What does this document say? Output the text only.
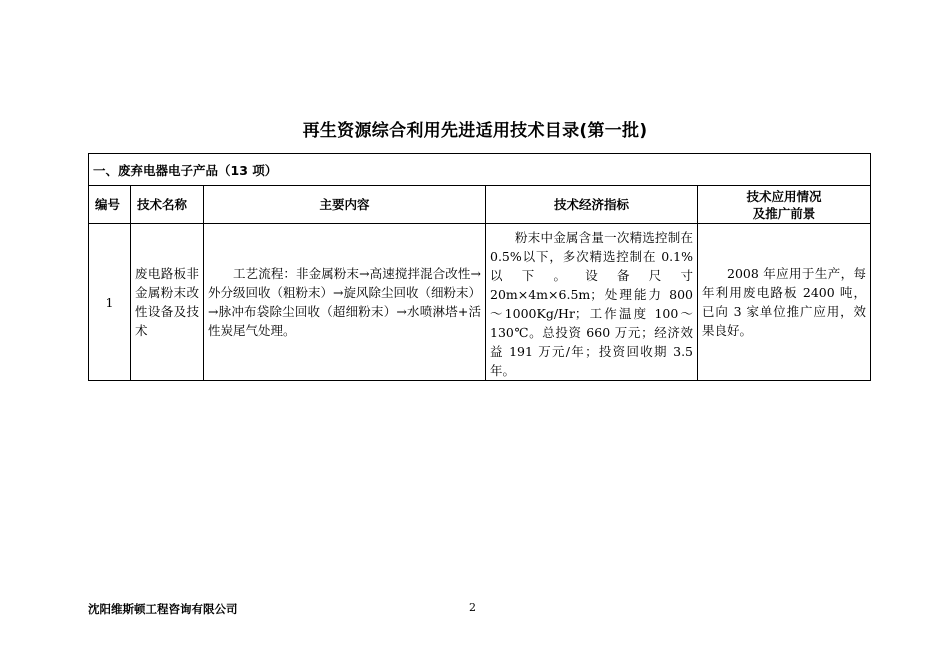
再生资源综合利用先进适用技术目录(第一批)
一、废弃电器电子产品（13 项）				
编号	技术名称	主要内容	技术经济指标	技术应用情况
及推广前景

1	废电路板非金属粉末改性设备及技术	工艺流程：非金属粉末→高速搅拌混合改性→外分级回收（粗粉末）→旋风除尘回收（细粉末）→脉冲布袋除尘回收（超细粉末）→水喷淋塔+活性炭尾气处理。	粉末中金属含量一次精选控制在 0.5%以下，多次精选控制在 0.1% 以下。设备尺寸 20m×4m×6.5m；处理能力 800～1000Kg/Hr；工作温度 100～130℃。总投资 660 万元；经济效益 191 万元/年；投资回收期 3.5 年。	2008 年应用于生产，每年利用废电路板 2400 吨，已向 3 家单位推广应用，效果良好。
沈阳维斯顿工程咨询有限公司	2
